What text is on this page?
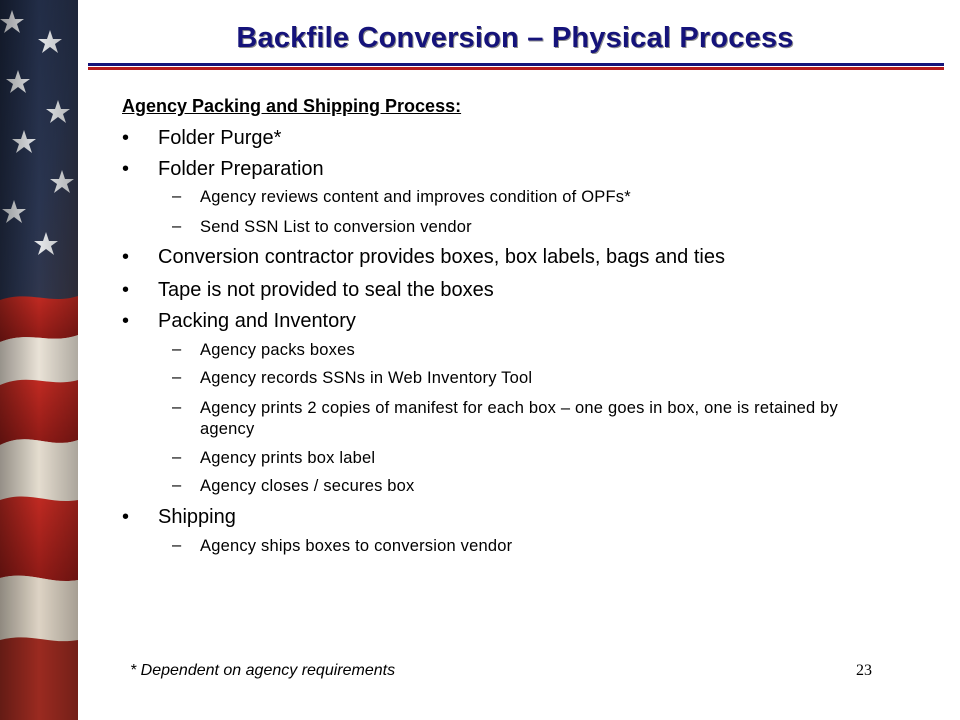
Backfile Conversion – Physical Process
Agency Packing and Shipping Process:
•	Folder Purge*
•	Folder Preparation
–	Agency reviews content and improves condition of OPFs*
–	Send SSN List to conversion vendor
•	Conversion contractor provides boxes, box labels, bags and ties
•	Tape is not provided to seal the boxes
•	Packing and Inventory
–	Agency packs boxes
–	Agency records SSNs in Web Inventory Tool
–	Agency prints 2 copies of manifest for each box – one goes in box, one is retained by agency
–	Agency prints box label
–	Agency closes / secures box
•	Shipping
–	Agency ships boxes to conversion vendor
* Dependent on agency requirements	23
